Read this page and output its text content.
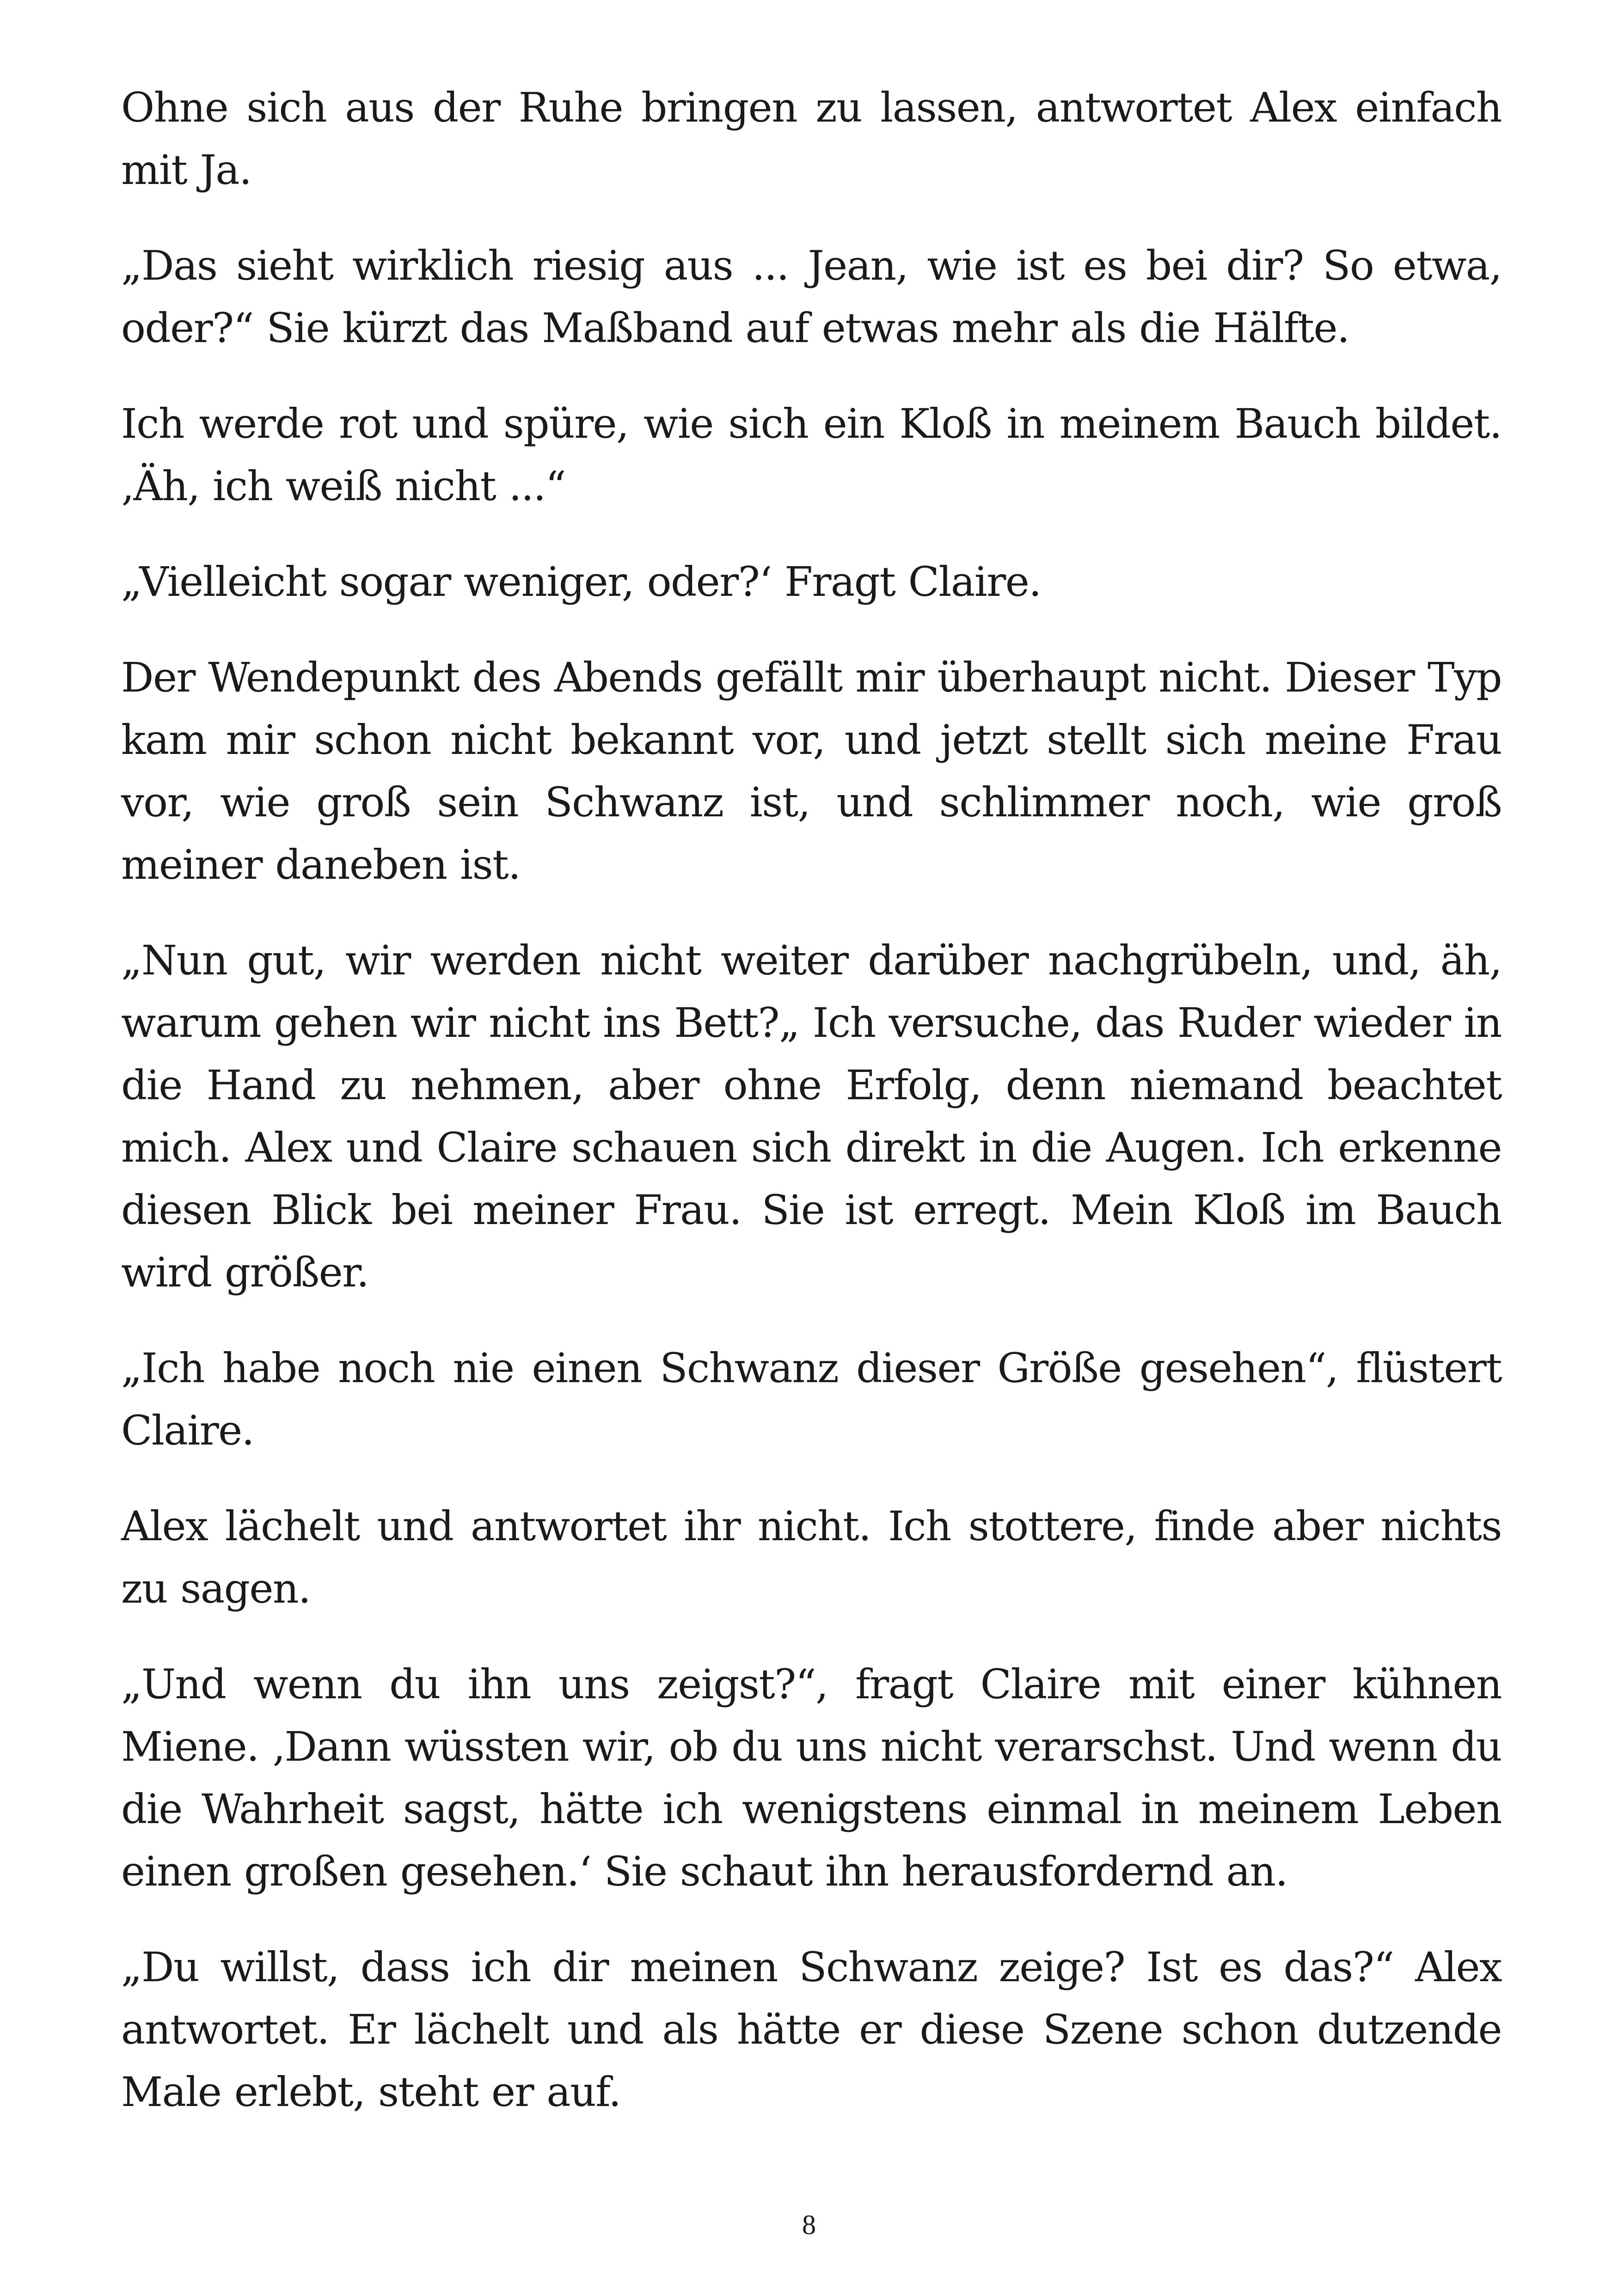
Ohne sich aus der Ruhe bringen zu lassen, antwortet Alex einfach mit Ja.

„Das sieht wirklich riesig aus ... Jean, wie ist es bei dir? So etwa, oder?“ Sie kürzt das Maßband auf etwas mehr als die Hälfte.

Ich werde rot und spüre, wie sich ein Kloß in meinem Bauch bildet. ‚Äh, ich weiß nicht ...“

„Vielleicht sogar weniger, oder?‘ Fragt Claire.

Der Wendepunkt des Abends gefällt mir überhaupt nicht. Dieser Typ kam mir schon nicht bekannt vor, und jetzt stellt sich meine Frau vor, wie groß sein Schwanz ist, und schlimmer noch, wie groß meiner daneben ist.

„Nun gut, wir werden nicht weiter darüber nachgrübeln, und, äh, warum gehen wir nicht ins Bett?„ Ich versuche, das Ruder wieder in die Hand zu nehmen, aber ohne Erfolg, denn niemand beachtet mich. Alex und Claire schauen sich direkt in die Augen. Ich erkenne diesen Blick bei meiner Frau. Sie ist erregt. Mein Kloß im Bauch wird größer.

„Ich habe noch nie einen Schwanz dieser Größe gesehen“, flüstert Claire.

Alex lächelt und antwortet ihr nicht. Ich stottere, finde aber nichts zu sagen.

„Und wenn du ihn uns zeigst?“, fragt Claire mit einer kühnen Miene. ‚Dann wüssten wir, ob du uns nicht verarschst. Und wenn du die Wahrheit sagst, hätte ich wenigstens einmal in meinem Leben einen großen gesehen.‘ Sie schaut ihn herausfordernd an.

„Du willst, dass ich dir meinen Schwanz zeige? Ist es das?“ Alex antwortet. Er lächelt und als hätte er diese Szene schon dutzende Male erlebt, steht er auf.

8
